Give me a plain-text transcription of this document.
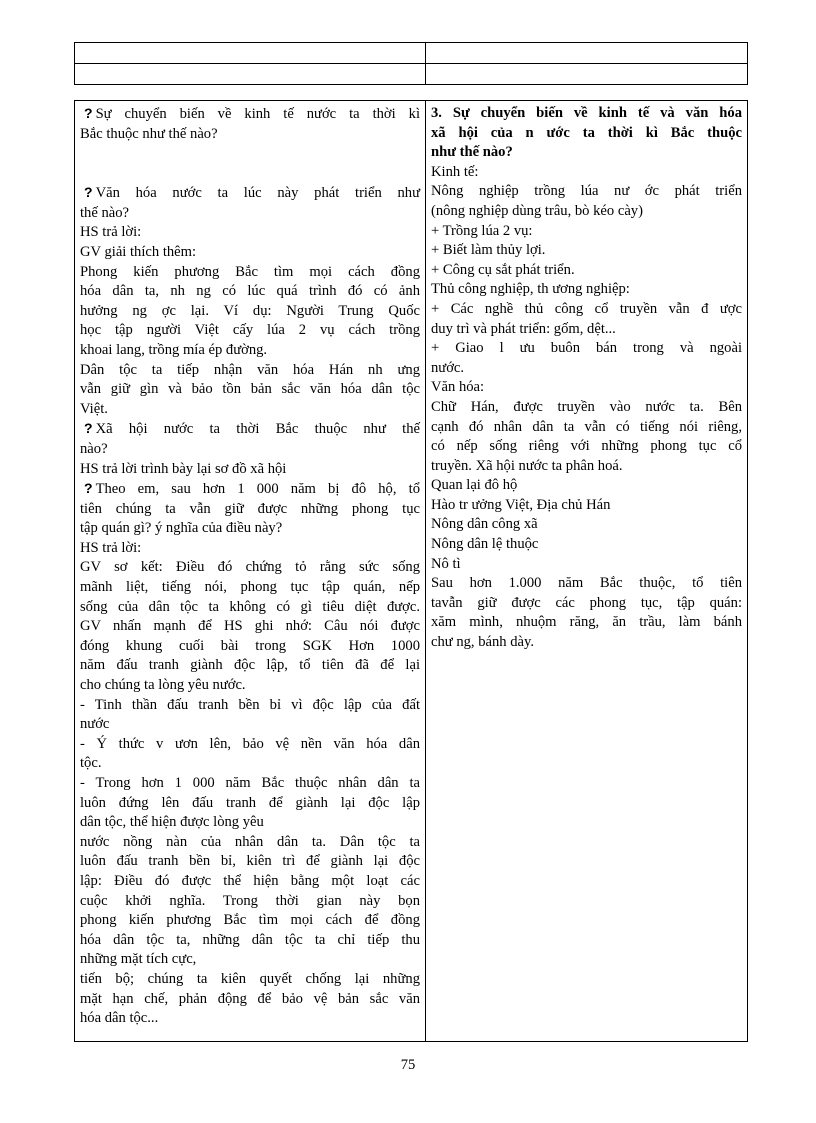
? Sự chuyển biến về kinh tế nước ta thời kì
Bắc thuộc như thế nào?
? Văn hóa nước ta lúc này phát triển như
thế nào?
HS trả lời:
GV giải thích thêm:
Phong kiến phương Bắc tìm mọi cách đồng
hóa dân ta, nh ng có lúc quá trình đó có ảnh
hưởng ng ợc lại. Ví dụ: Người Trung Quốc
học tập người Việt cấy lúa 2 vụ cách trồng
khoai lang, trồng mía ép đường.
Dân tộc ta tiếp nhận văn hóa Hán nh ưng
vẫn giữ gìn và bảo tồn bản sắc văn hóa dân tộc
Việt.
? Xã hội nước ta thời Bắc thuộc như thế
nào?
HS trả lời trình bày lại sơ đồ xã hội
? Theo em, sau hơn 1 000 năm bị đô hộ, tổ
tiên chúng ta vẫn giữ được những phong tục
tập quán gì? ý nghĩa của điều này?
HS trả lời:
GV sơ kết: Điều đó chứng tỏ rằng sức sống
mãnh liệt, tiếng nói, phong tục tập quán, nếp
sống của dân tộc ta không có gì tiêu diệt được.
GV nhấn mạnh để HS ghi nhớ: Câu nói được
đóng khung cuối bài trong SGK Hơn 1000
năm đấu tranh giành độc lập, tổ tiên đã để lại
cho chúng ta lòng yêu nước.
- Tinh thần đấu tranh bền bỉ vì độc lập của đất
nước
- Ý thức v ươn lên, bảo vệ nền văn hóa dân
tộc.
- Trong hơn 1 000 năm Bắc thuộc nhân dân ta
luôn đứng lên đấu tranh để giành lại độc lập
dân tộc, thể hiện được lòng yêu
nước nồng nàn của nhân dân ta. Dân tộc ta
luôn đấu tranh bền bỉ, kiên trì để giành lại độc
lập: Điều đó được thể hiện bằng một loạt các
cuộc khởi nghĩa. Trong thời gian này bọn
phong kiến phương Bắc tìm mọi cách để đồng
hóa dân tộc ta, những dân tộc ta chỉ tiếp thu
những mặt tích cực,
tiến bộ; chúng ta kiên quyết chống lại những
mặt hạn chế, phản động để bảo vệ bản sắc văn
hóa dân tộc...

3. Sự chuyển biến về kinh tế và văn hóa
xã hội của n ước ta thời kì Bắc thuộc
như thế nào?
Kinh tế:
Nông nghiệp trồng lúa nư ớc phát triển
(nông nghiệp dùng trâu, bò kéo cày)
+ Trồng lúa 2 vụ:
+ Biết làm thủy lợi.
+ Công cụ sắt phát triển.
Thủ công nghiệp, th ương nghiệp:
+ Các nghề thủ công cổ truyền vẫn đ ược
duy trì và phát triển: gốm, dệt...
+ Giao l ưu buôn bán trong và ngoài
nước.
Văn hóa:
Chữ Hán, được truyền vào nước ta. Bên
cạnh đó nhân dân ta vẫn có tiếng nói riêng,
có nếp sống riêng với những phong tục cổ
truyền. Xã hội nước ta phân hoá.
Quan lại đô hộ
Hào tr ưởng Việt, Địa chủ Hán
Nông dân công xã
Nông dân lệ thuộc
Nô tì
Sau hơn 1.000 năm Bắc thuộc, tổ tiên
tavẫn giữ được các phong tục, tập quán:
xăm mình, nhuộm răng, ăn trầu, làm bánh
chư ng, bánh dày.
75
